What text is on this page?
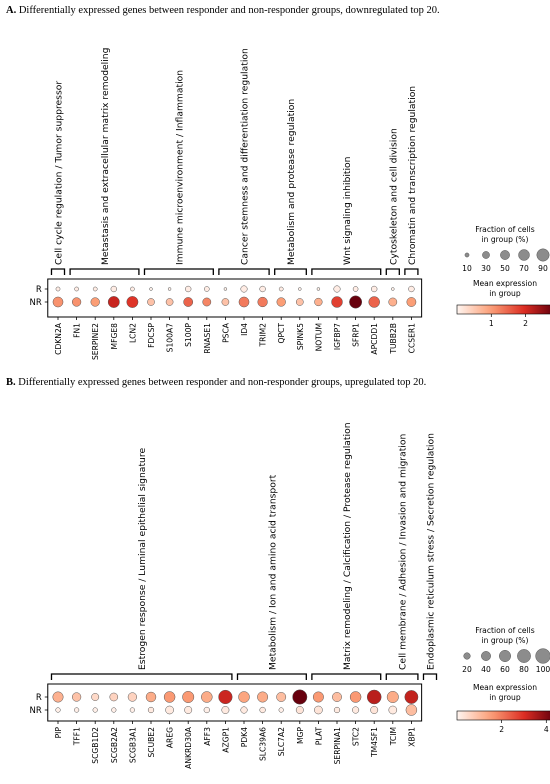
A. Differentially expressed genes between responder and non-responder groups, downregulated top 20.
Cell cycle regulation / Tumor suppressor	Metastasis and extracellular matrix remodeling	Immune microenvironment / Inflammation	Cancer stemness and differentiation regulation	Metabolism and protease regulation	Wnt signaling inhibition	Cytoskeleton and cell division Chromatin and transcription regulation
R
NR
CDKN2A FN1 SERPINE2 MFGE8 LCN2 FDCSP S100A7 S100P RNASE1 PSCA ID4 TRIM2 QPCT SPINK5 NOTUM IGFBP7 SFRP1 APCDD1 TUBB2B CCSER1
Fraction of cells
in group (%)
10 30 50 70 90
Mean expression
in group
1	2
B. Differentially expressed genes between responder and non-responder groups, upregulated top 20.
Estrogen response / Luminal epithelial signature	Metabolism / Ion and amino acid transport	Matrix remodeling / Calcification / Protease regulation	Cell membrane / Adhesion / Invasion and migration Endoplasmic reticulum stress / Secretion regulation
R
NR
PIP TFF1 SCGB1D2 SCGB2A2 SCGB3A1 SCUBE2 AREG ANKRD30A AFF3 AZGP1 PDK4 SLC39A6 SLC7A2 MGP PLAT SERPINA1 STC2 TM4SF1 TCIM XBP1
Fraction of cells
in group (%)
20 40 60 80 100
Mean expression
in group
2	4
